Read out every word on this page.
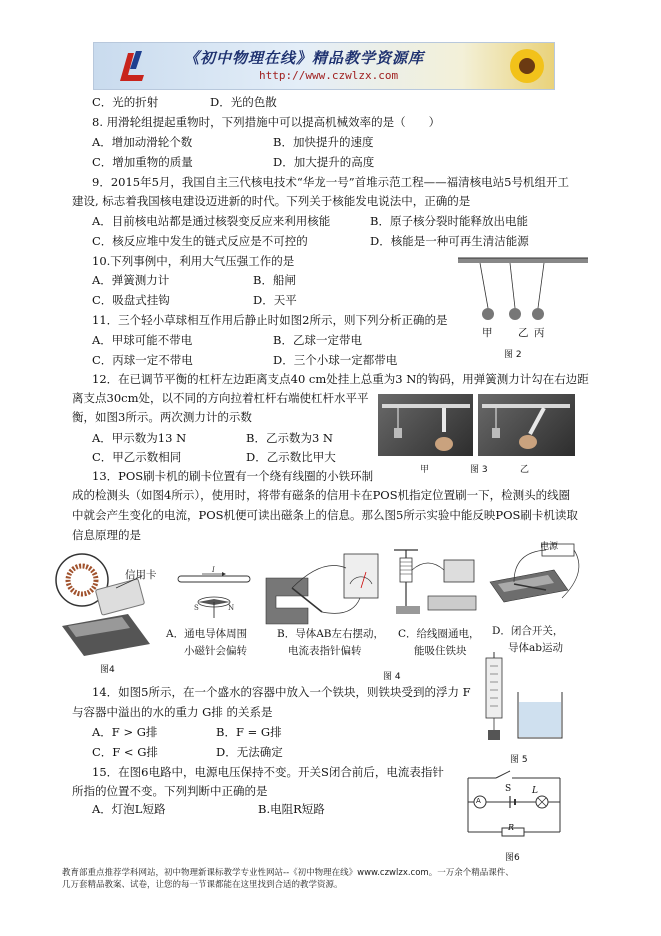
《初中物理在线》精品教学资源库
http://www.czwlzx.com
C．光的折射	D．光的色散
8. 用滑轮组提起重物时，下列措施中可以提高机械效率的是（　　）
A．增加动滑轮个数	B．加快提升的速度
C．增加重物的质量	D．加大提升的高度
9．2015年5月，我国自主三代核电技术“华龙一号”首堆示范工程——福清核电站5号机组开工
建设, 标志着我国核电建设迈进新的时代。下列关于核能发电说法中，正确的是
A．目前核电站都是通过核裂变反应来利用核能	B．原子核分裂时能释放出电能
C．核反应堆中发生的链式反应是不可控的	D．核能是一种可再生清洁能源
10.下列事例中，利用大气压强工作的是
A．弹簧测力计	B．船闸
C．吸盘式挂钩	D．天平
甲 乙 丙
图 2
11．三个轻小草球相互作用后静止时如图2所示，则下列分析正确的是
A．甲球可能不带电	B．乙球一定带电
C．丙球一定不带电	D．三个小球一定都带电
12．在已调节平衡的杠杆左边距离支点40 cm处挂上总重为3 N的钩码，用弹簧测力计勾在右边距
离支点30cm处，以不同的方向拉着杠杆右端使杠杆水平平
衡，如图3所示。两次测力计的示数
A．甲示数为13 N	B．乙示数为3 N
C．甲乙示数相同	D．乙示数比甲大
甲	图 3	乙
13．POS刷卡机的刷卡位置有一个绕有线圈的小铁环制
成的检测头（如图4所示），使用时，将带有磁条的信用卡在POS机指定位置刷一下，检测头的线圈
中就会产生变化的电流，POS机便可读出磁条上的信息。那么图5所示实验中能反映POS刷卡机读取
信息原理的是
信用卡
图4
I
S	N
A．通电导体周围
小磁针会偏转
B．导体AB左右摆动，
电流表指针偏转
C．给线圈通电，
能吸住铁块
电源
D．闭合开关，
导体ab运动
图 4
14．如图5所示，在一个盛水的容器中放入一个铁块，则铁块受到的浮力 F
与容器中溢出的水的重力 G排 的关系是
A．F > G排	B．F = G排
C．F < G排	D．无法确定
图 5
15．在图6电路中，电源电压保持不变。开关S闭合前后，电流表指针
所指的位置不变。下列判断中正确的是
A．灯泡L短路	B.电阻R短路
A
S L
R
图6
教育部重点推荐学科网站，初中物理新课标教学专业性网站--《初中物理在线》www.czwlzx.com。一万余个精品课件、
几万套精品教案、试卷，让您的每一节课都能在这里找到合适的教学资源。
